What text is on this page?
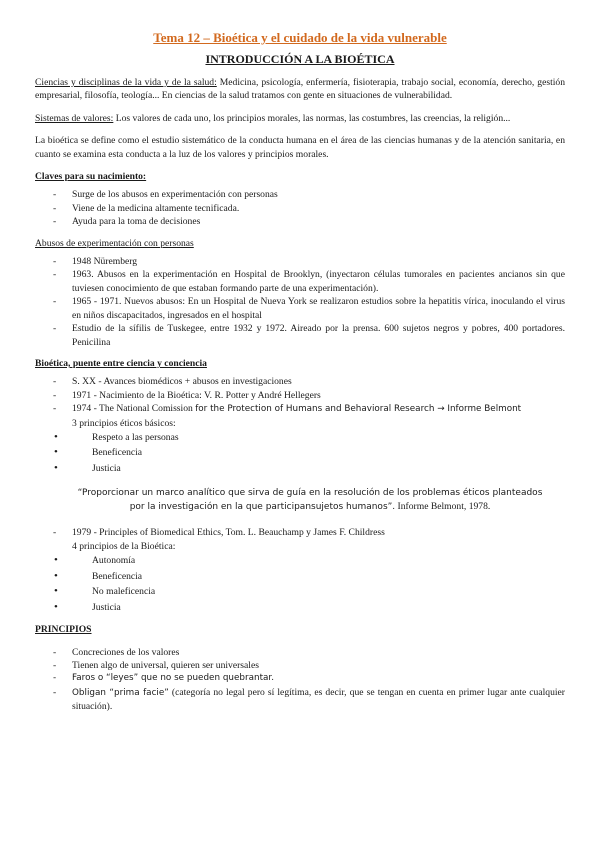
Tema 12 – Bioética y el cuidado de la vida vulnerable
INTRODUCCIÓN A LA BIOÉTICA

Ciencias y disciplinas de la vida y de la salud: Medicina, psicología, enfermería, fisioterapia, trabajo social, economía, derecho, gestión empresarial, filosofía, teología... En ciencias de la salud tratamos con gente en situaciones de vulnerabilidad.

Sistemas de valores: Los valores de cada uno, los principios morales, las normas, las costumbres, las creencias, la religión...

La bioética se define como el estudio sistemático de la conducta humana en el área de las ciencias humanas y de la atención sanitaria, en cuanto se examina esta conducta a la luz de los valores y principios morales.

Claves para su nacimiento:
- Surge de los abusos en experimentación con personas
- Viene de la medicina altamente tecnificada.
- Ayuda para la toma de decisiones
Abusos de experimentación con personas
- 1948 Nüremberg
- 1963. Abusos en la experimentación en Hospital de Brooklyn, (inyectaron células tumorales en pacientes ancianos sin que tuviesen conocimiento de que estaban formando parte de una experimentación).
- 1965 - 1971. Nuevos abusos: En un Hospital de Nueva York se realizaron estudios sobre la hepatitis vírica, inoculando el virus en niños discapacitados, ingresados en el hospital
- Estudio de la sífilis de Tuskegee, entre 1932 y 1972. Aireado por la prensa. 600 sujetos negros y pobres, 400 portadores. Penicilina
Bioética, puente entre ciencia y conciencia
- S. XX - Avances biomédicos + abusos en investigaciones
- 1971 - Nacimiento de la Bioética: V. R. Potter y André Hellegers
- 1974 - The National Comission for the Protection of Humans and Behavioral Research → Informe Belmont
3 principios éticos básicos:
• Respeto a las personas
• Beneficencia
• Justicia
“Proporcionar un marco analítico que sirva de guía en la resolución de los problemas éticos planteados por la investigación en la que participansujetos humanos”. Informe Belmont, 1978.
- 1979 - Principles of Biomedical Ethics, Tom. L. Beauchamp y James F. Childress
4 principios de la Bioética:
• Autonomía
• Beneficencia
• No maleficencia
• Justicia
PRINCIPIOS
- Concreciones de los valores
- Tienen algo de universal, quieren ser universales
- Faros o “leyes” que no se pueden quebrantar.
- Obligan “prima facie” (categoría no legal pero sí legítima, es decir, que se tengan en cuenta en primer lugar ante cualquier situación).
